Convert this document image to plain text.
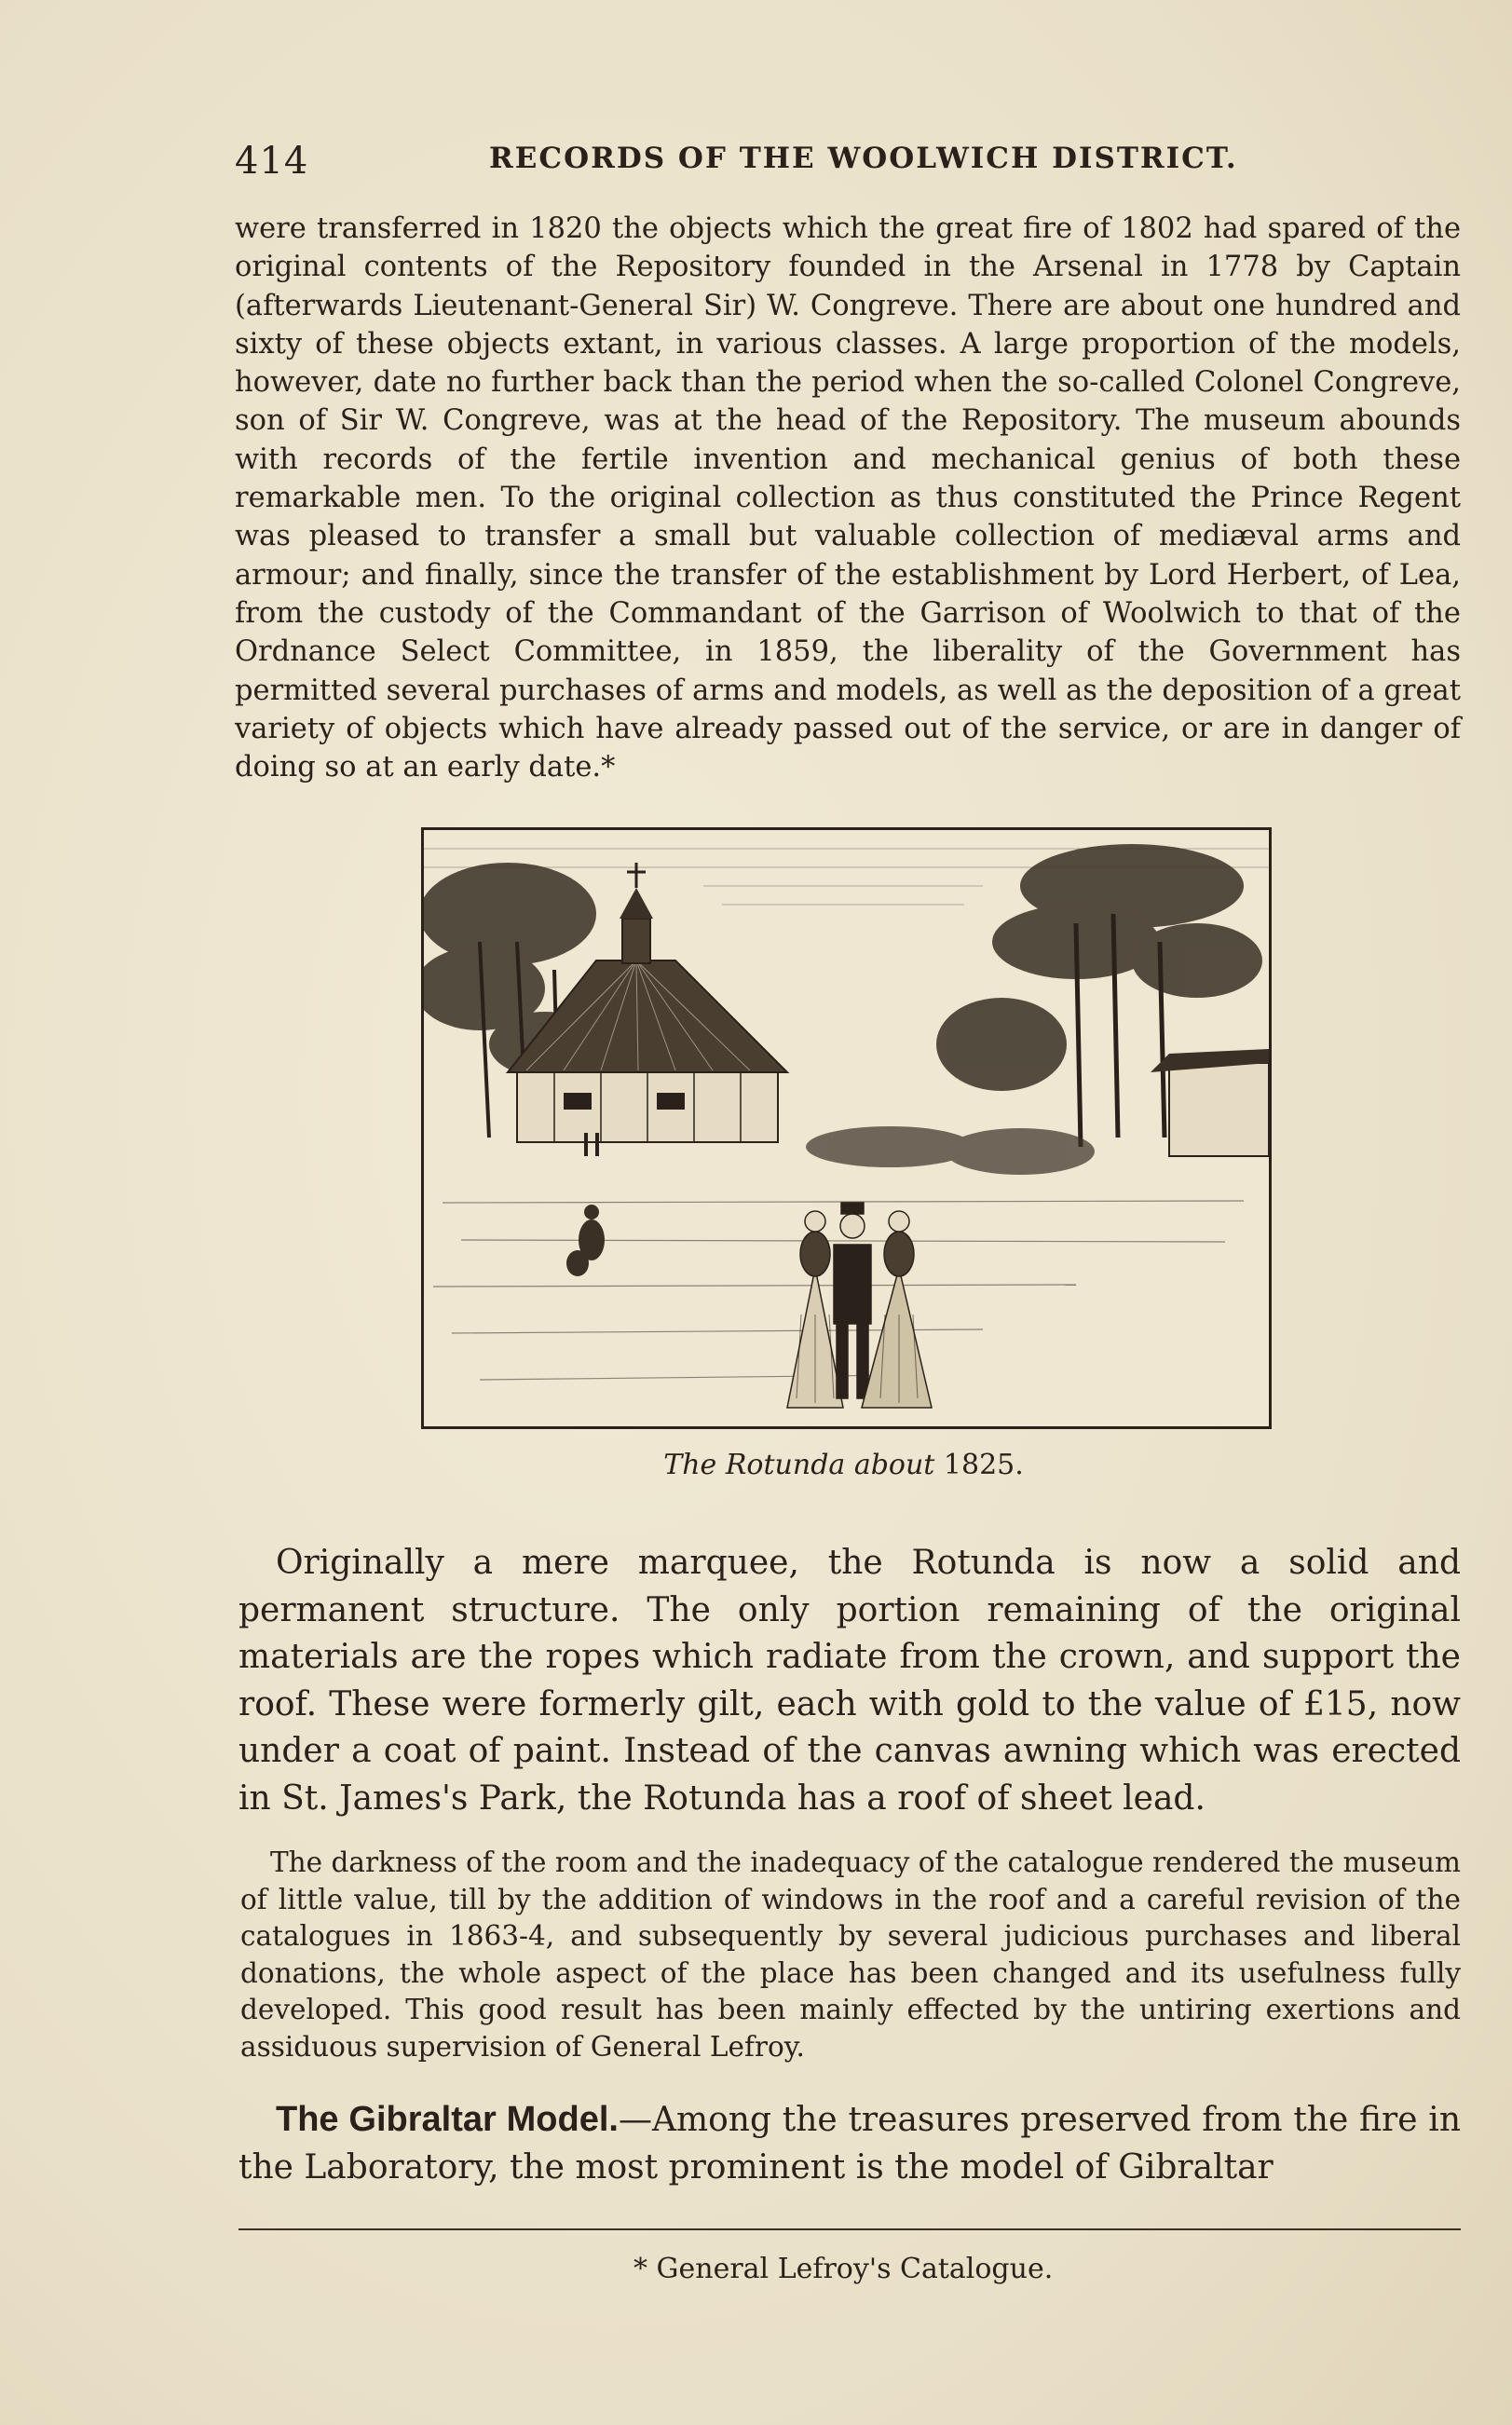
414	RECORDS OF THE WOOLWICH DISTRICT.

were transferred in 1820 the objects which the great fire of 1802 had spared of the original contents of the Repository founded in the Arsenal in 1778 by Captain (afterwards Lieutenant-General Sir) W. Congreve. There are about one hundred and sixty of these objects extant, in various classes. A large proportion of the models, however, date no further back than the period when the so-called Colonel Congreve, son of Sir W. Congreve, was at the head of the Repository. The museum abounds with records of the fertile invention and mechanical genius of both these remarkable men. To the original collection as thus constituted the Prince Regent was pleased to transfer a small but valuable collection of mediæval arms and armour; and finally, since the transfer of the establishment by Lord Herbert, of Lea, from the custody of the Commandant of the Garrison of Woolwich to that of the Ordnance Select Committee, in 1859, the liberality of the Government has permitted several purchases of arms and models, as well as the deposition of a great variety of objects which have already passed out of the service, or are in danger of doing so at an early date.*

The Rotunda about 1825.

Originally a mere marquee, the Rotunda is now a solid and permanent structure. The only portion remaining of the original materials are the ropes which radiate from the crown, and support the roof. These were formerly gilt, each with gold to the value of £15, now under a coat of paint. Instead of the canvas awning which was erected in St. James's Park, the Rotunda has a roof of sheet lead.

The darkness of the room and the inadequacy of the catalogue rendered the museum of little value, till by the addition of windows in the roof and a careful revision of the catalogues in 1863-4, and subsequently by several judicious purchases and liberal donations, the whole aspect of the place has been changed and its usefulness fully developed. This good result has been mainly effected by the untiring exertions and assiduous supervision of General Lefroy.

The Gibraltar Model.—Among the treasures preserved from the fire in the Laboratory, the most prominent is the model of Gibraltar

* General Lefroy's Catalogue.
